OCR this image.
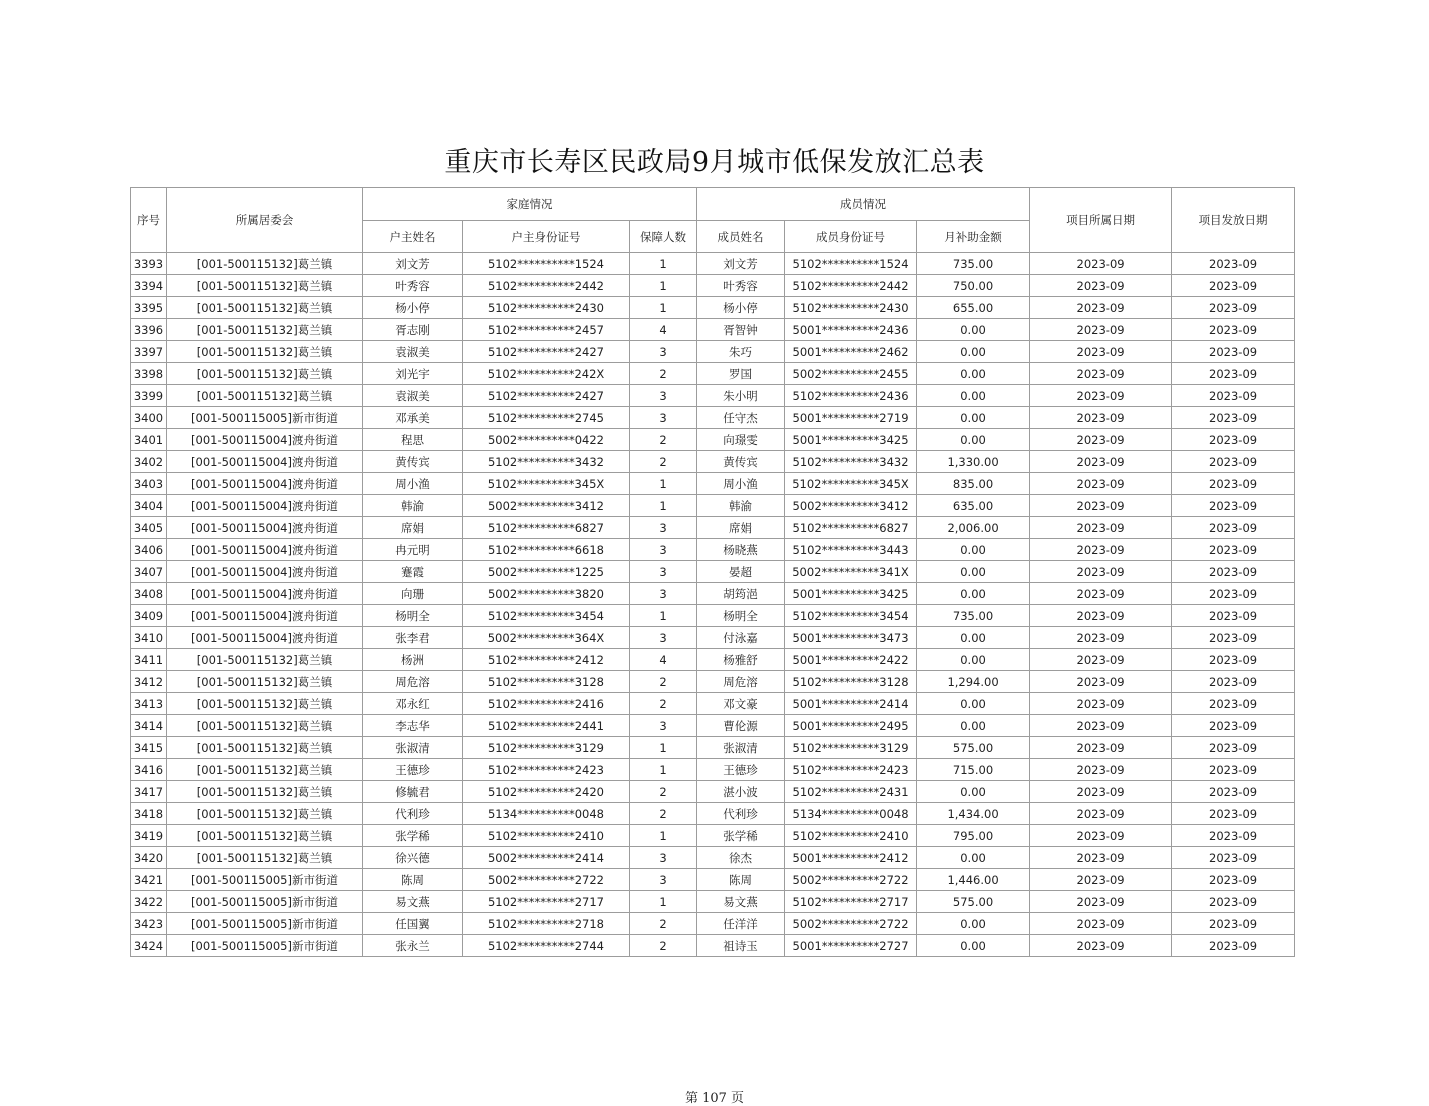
重庆市长寿区民政局9月城市低保发放汇总表
序号	所属居委会	家庭情况			成员情况			项目所属日期	项目发放日期
		户主姓名	户主身份证号	保障人数	成员姓名	成员身份证号	月补助金额		
3393	[001-500115132]葛兰镇	刘文芳	5102**********1524	1	刘文芳	5102**********1524	735.00	2023-09	2023-09
3394	[001-500115132]葛兰镇	叶秀容	5102**********2442	1	叶秀容	5102**********2442	750.00	2023-09	2023-09
3395	[001-500115132]葛兰镇	杨小停	5102**********2430	1	杨小停	5102**********2430	655.00	2023-09	2023-09
3396	[001-500115132]葛兰镇	胥志刚	5102**********2457	4	胥智钟	5001**********2436	0.00	2023-09	2023-09
3397	[001-500115132]葛兰镇	袁淑美	5102**********2427	3	朱巧	5001**********2462	0.00	2023-09	2023-09
3398	[001-500115132]葛兰镇	刘光宇	5102**********242X	2	罗国	5002**********2455	0.00	2023-09	2023-09
3399	[001-500115132]葛兰镇	袁淑美	5102**********2427	3	朱小明	5102**********2436	0.00	2023-09	2023-09
3400	[001-500115005]新市街道	邓承美	5102**********2745	3	任守杰	5001**********2719	0.00	2023-09	2023-09
3401	[001-500115004]渡舟街道	程思	5002**********0422	2	向璟雯	5001**********3425	0.00	2023-09	2023-09
3402	[001-500115004]渡舟街道	黄传宾	5102**********3432	2	黄传宾	5102**********3432	1,330.00	2023-09	2023-09
3403	[001-500115004]渡舟街道	周小渔	5102**********345X	1	周小渔	5102**********345X	835.00	2023-09	2023-09
3404	[001-500115004]渡舟街道	韩渝	5002**********3412	1	韩渝	5002**********3412	635.00	2023-09	2023-09
3405	[001-500115004]渡舟街道	席娟	5102**********6827	3	席娟	5102**********6827	2,006.00	2023-09	2023-09
3406	[001-500115004]渡舟街道	冉元明	5102**********6618	3	杨晓燕	5102**********3443	0.00	2023-09	2023-09
3407	[001-500115004]渡舟街道	蹇霞	5002**********1225	3	晏超	5002**********341X	0.00	2023-09	2023-09
3408	[001-500115004]渡舟街道	向珊	5002**********3820	3	胡筠浥	5001**********3425	0.00	2023-09	2023-09
3409	[001-500115004]渡舟街道	杨明全	5102**********3454	1	杨明全	5102**********3454	735.00	2023-09	2023-09
3410	[001-500115004]渡舟街道	张李君	5002**********364X	3	付泳嘉	5001**********3473	0.00	2023-09	2023-09
3411	[001-500115132]葛兰镇	杨洲	5102**********2412	4	杨雅舒	5001**********2422	0.00	2023-09	2023-09
3412	[001-500115132]葛兰镇	周危溶	5102**********3128	2	周危溶	5102**********3128	1,294.00	2023-09	2023-09
3413	[001-500115132]葛兰镇	邓永红	5102**********2416	2	邓文豪	5001**********2414	0.00	2023-09	2023-09
3414	[001-500115132]葛兰镇	李志华	5102**********2441	3	曹伦源	5001**********2495	0.00	2023-09	2023-09
3415	[001-500115132]葛兰镇	张淑清	5102**********3129	1	张淑清	5102**********3129	575.00	2023-09	2023-09
3416	[001-500115132]葛兰镇	王德珍	5102**********2423	1	王德珍	5102**********2423	715.00	2023-09	2023-09
3417	[001-500115132]葛兰镇	修毓君	5102**********2420	2	湛小波	5102**********2431	0.00	2023-09	2023-09
3418	[001-500115132]葛兰镇	代利珍	5134**********0048	2	代利珍	5134**********0048	1,434.00	2023-09	2023-09
3419	[001-500115132]葛兰镇	张学稀	5102**********2410	1	张学稀	5102**********2410	795.00	2023-09	2023-09
3420	[001-500115132]葛兰镇	徐兴德	5002**********2414	3	徐杰	5001**********2412	0.00	2023-09	2023-09
3421	[001-500115005]新市街道	陈周	5002**********2722	3	陈周	5002**********2722	1,446.00	2023-09	2023-09
3422	[001-500115005]新市街道	易文燕	5102**********2717	1	易文燕	5102**********2717	575.00	2023-09	2023-09
3423	[001-500115005]新市街道	任国翼	5102**********2718	2	任洋洋	5002**********2722	0.00	2023-09	2023-09
3424	[001-500115005]新市街道	张永兰	5102**********2744	2	祖诗玉	5001**********2727	0.00	2023-09	2023-09
第 107 页
